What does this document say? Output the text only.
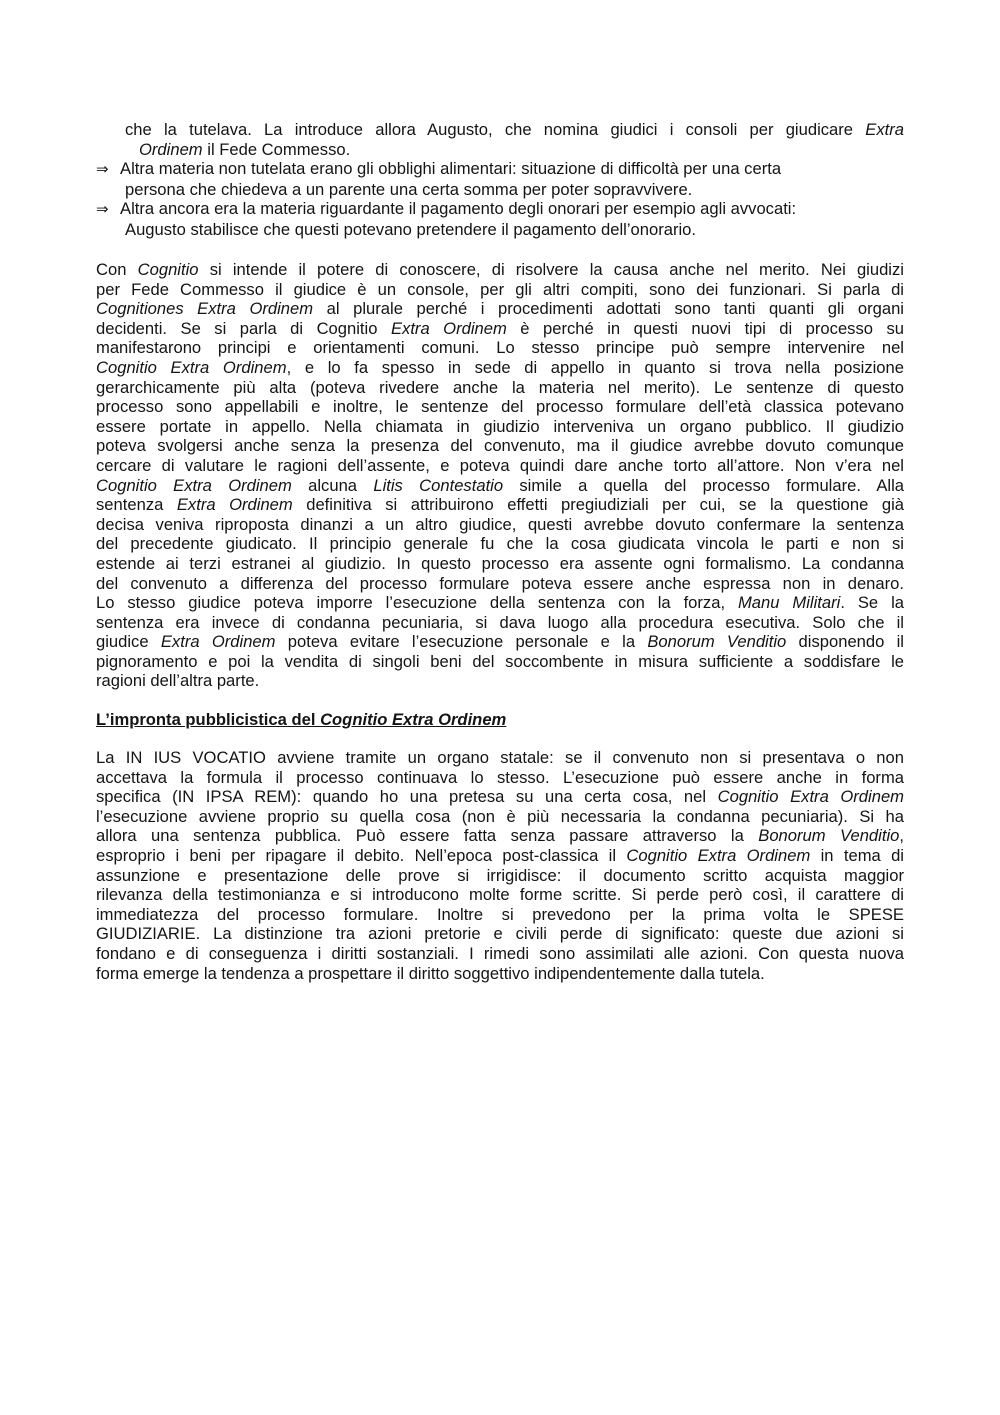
che la tutelava. La introduce allora Augusto, che nomina giudici i consoli per giudicare Extra
Ordinem il Fede Commesso.
⇒ Altra materia non tutelata erano gli obblighi alimentari: situazione di difficoltà per una certa
persona che chiedeva a un parente una certa somma per poter sopravvivere.
⇒ Altra ancora era la materia riguardante il pagamento degli onorari per esempio agli avvocati:
Augusto stabilisce che questi potevano pretendere il pagamento dell’onorario.
Con Cognitio si intende il potere di conoscere, di risolvere la causa anche nel merito. Nei giudizi
per Fede Commesso il giudice è un console, per gli altri compiti, sono dei funzionari. Si parla di
Cognitiones Extra Ordinem al plurale perché i procedimenti adottati sono tanti quanti gli organi
decidenti. Se si parla di Cognitio Extra Ordinem è perché in questi nuovi tipi di processo su
manifestarono principi e orientamenti comuni. Lo stesso principe può sempre intervenire nel
Cognitio Extra Ordinem, e lo fa spesso in sede di appello in quanto si trova nella posizione
gerarchicamente più alta (poteva rivedere anche la materia nel merito). Le sentenze di questo
processo sono appellabili e inoltre, le sentenze del processo formulare dell’età classica potevano
essere portate in appello. Nella chiamata in giudizio interveniva un organo pubblico. Il giudizio
poteva svolgersi anche senza la presenza del convenuto, ma il giudice avrebbe dovuto comunque
cercare di valutare le ragioni dell’assente, e poteva quindi dare anche torto all’attore. Non v’era nel
Cognitio Extra Ordinem alcuna Litis Contestatio simile a quella del processo formulare. Alla
sentenza Extra Ordinem definitiva si attribuirono effetti pregiudiziali per cui, se la questione già
decisa veniva riproposta dinanzi a un altro giudice, questi avrebbe dovuto confermare la sentenza
del precedente giudicato. Il principio generale fu che la cosa giudicata vincola le parti e non si
estende ai terzi estranei al giudizio. In questo processo era assente ogni formalismo. La condanna
del convenuto a differenza del processo formulare poteva essere anche espressa non in denaro.
Lo stesso giudice poteva imporre l’esecuzione della sentenza con la forza, Manu Militari. Se la
sentenza era invece di condanna pecuniaria, si dava luogo alla procedura esecutiva. Solo che il
giudice Extra Ordinem poteva evitare l’esecuzione personale e la Bonorum Venditio disponendo il
pignoramento e poi la vendita di singoli beni del soccombente in misura sufficiente a soddisfare le
ragioni dell’altra parte.
L’impronta pubblicistica del Cognitio Extra Ordinem
La IN IUS VOCATIO avviene tramite un organo statale: se il convenuto non si presentava o non
accettava la formula il processo continuava lo stesso. L’esecuzione può essere anche in forma
specifica (IN IPSA REM): quando ho una pretesa su una certa cosa, nel Cognitio Extra Ordinem
l’esecuzione avviene proprio su quella cosa (non è più necessaria la condanna pecuniaria). Si ha
allora una sentenza pubblica. Può essere fatta senza passare attraverso la Bonorum Venditio,
esproprio i beni per ripagare il debito. Nell’epoca post-classica il Cognitio Extra Ordinem in tema di
assunzione e presentazione delle prove si irrigidisce: il documento scritto acquista maggior
rilevanza della testimonianza e si introducono molte forme scritte. Si perde però così, il carattere di
immediatezza del processo formulare. Inoltre si prevedono per la prima volta le SPESE
GIUDIZIARIE. La distinzione tra azioni pretorie e civili perde di significato: queste due azioni si
fondano e di conseguenza i diritti sostanziali. I rimedi sono assimilati alle azioni. Con questa nuova
forma emerge la tendenza a prospettare il diritto soggettivo indipendentemente dalla tutela.
